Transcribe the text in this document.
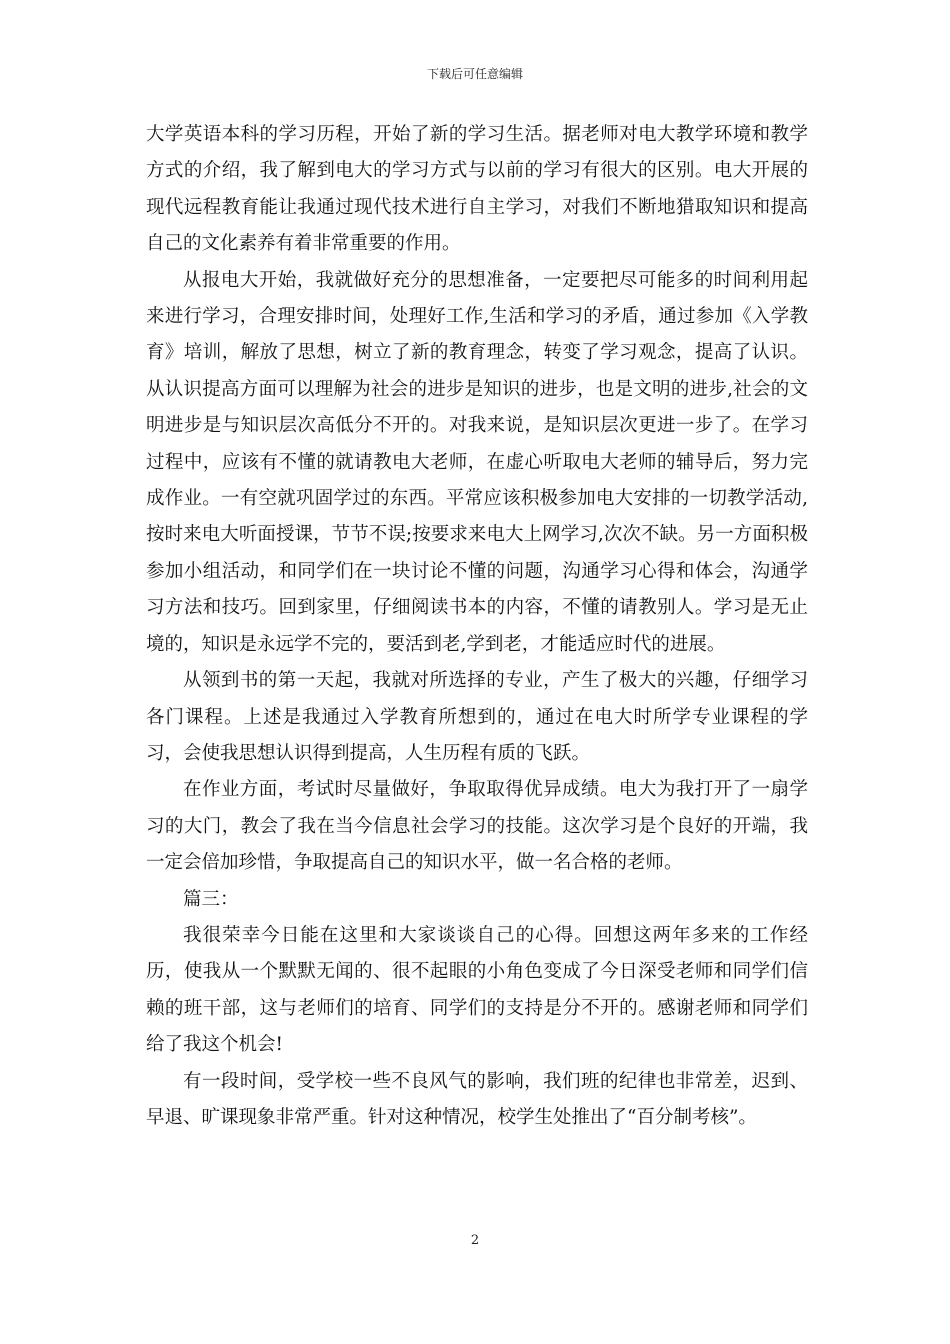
下载后可任意编辑

大学英语本科的学习历程，开始了新的学习生活。据老师对电大教学环境和教学方式的介绍，我了解到电大的学习方式与以前的学习有很大的区别。电大开展的现代远程教育能让我通过现代技术进行自主学习，对我们不断地猎取知识和提高自己的文化素养有着非常重要的作用。

从报电大开始，我就做好充分的思想准备，一定要把尽可能多的时间利用起来进行学习，合理安排时间，处理好工作,生活和学习的矛盾，通过参加《入学教育》培训，解放了思想，树立了新的教育理念，转变了学习观念，提高了认识。从认识提高方面可以理解为社会的进步是知识的进步，也是文明的进步,社会的文明进步是与知识层次高低分不开的。对我来说，是知识层次更进一步了。在学习过程中，应该有不懂的就请教电大老师，在虚心听取电大老师的辅导后，努力完成作业。一有空就巩固学过的东西。平常应该积极参加电大安排的一切教学活动,按时来电大听面授课，节节不误;按要求来电大上网学习,次次不缺。另一方面积极参加小组活动，和同学们在一块讨论不懂的问题，沟通学习心得和体会，沟通学习方法和技巧。回到家里，仔细阅读书本的内容，不懂的请教别人。学习是无止境的，知识是永远学不完的，要活到老,学到老，才能适应时代的进展。

从领到书的第一天起，我就对所选择的专业，产生了极大的兴趣，仔细学习各门课程。上述是我通过入学教育所想到的，通过在电大时所学专业课程的学习，会使我思想认识得到提高，人生历程有质的飞跃。

在作业方面，考试时尽量做好，争取取得优异成绩。电大为我打开了一扇学习的大门，教会了我在当今信息社会学习的技能。这次学习是个良好的开端，我一定会倍加珍惜，争取提高自己的知识水平，做一名合格的老师。

篇三：

我很荣幸今日能在这里和大家谈谈自己的心得。回想这两年多来的工作经历，使我从一个默默无闻的、很不起眼的小角色变成了今日深受老师和同学们信赖的班干部，这与老师们的培育、同学们的支持是分不开的。感谢老师和同学们给了我这个机会!

有一段时间，受学校一些不良风气的影响，我们班的纪律也非常差，迟到、早退、旷课现象非常严重。针对这种情况，校学生处推出了“百分制考核”。

2
